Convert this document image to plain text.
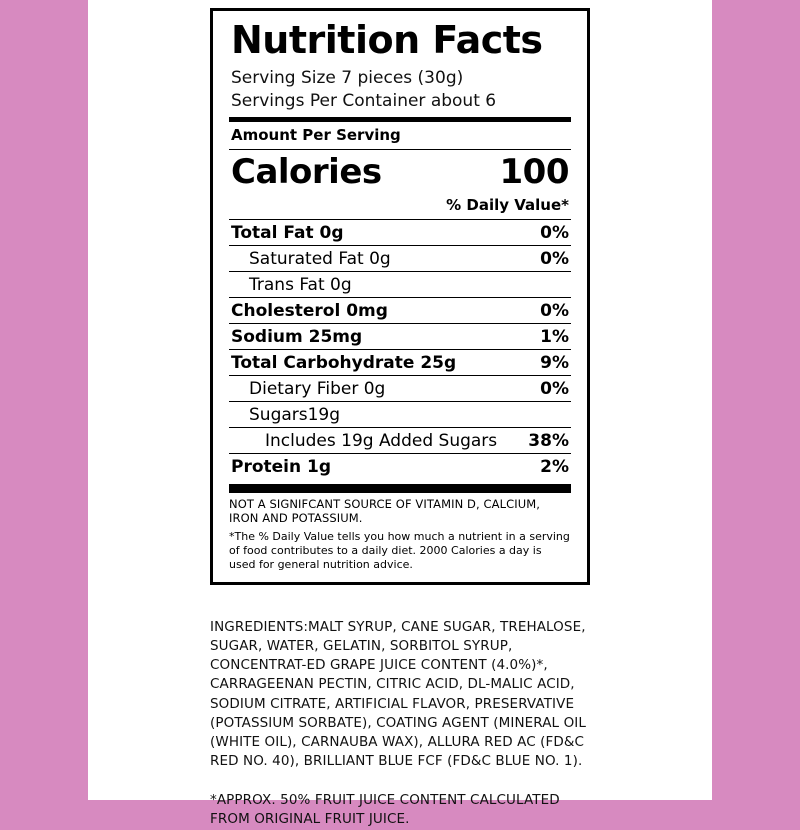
Nutrition Facts
Serving Size 7 pieces (30g)
Servings Per Container about 6
Amount Per Serving
Calories	100
% Daily Value*
Total Fat 0g	0%
Saturated Fat 0g	0%
Trans Fat 0g
Cholesterol 0mg	0%
Sodium 25mg	1%
Total Carbohydrate 25g	9%
Dietary Fiber 0g	0%
Sugars19g
Includes 19g Added Sugars 38%
Protein 1g	2%
NOT A SIGNIFCANT SOURCE OF VITAMIN D, CALCIUM, IRON AND POTASSIUM.
*The % Daily Value tells you how much a nutrient in a serving of food contributes to a daily diet. 2000 Calories a day is used for general nutrition advice.

INGREDIENTS:MALT SYRUP, CANE SUGAR, TREHALOSE, SUGAR, WATER, GELATIN, SORBITOL SYRUP, CONCENTRAT-ED GRAPE JUICE CONTENT (4.0%)*, CARRAGEENAN PECTIN, CITRIC ACID, DL-MALIC ACID, SODIUM CITRATE, ARTIFICIAL FLAVOR, PRESERVATIVE (POTASSIUM SORBATE), COATING AGENT (MINERAL OIL (WHITE OIL), CARNAUBA WAX), ALLURA RED AC (FD&C RED NO. 40), BRILLIANT BLUE FCF (FD&C BLUE NO. 1).

*APPROX. 50% FRUIT JUICE CONTENT CALCULATED FROM ORIGINAL FRUIT JUICE.
